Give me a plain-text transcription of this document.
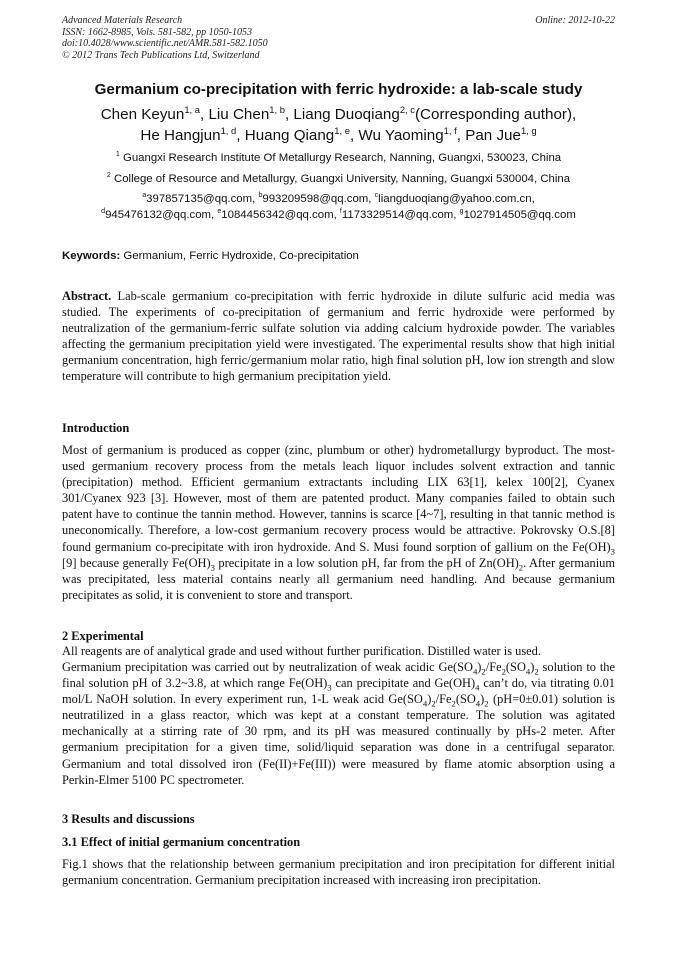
Advanced Materials Research
ISSN: 1662-8985, Vols. 581-582, pp 1050-1053
doi:10.4028/www.scientific.net/AMR.581-582.1050
© 2012 Trans Tech Publications Ltd, Switzerland
Online: 2012-10-22
Germanium co-precipitation with ferric hydroxide: a lab-scale study
Chen Keyun$^{1, a}$, Liu Chen$^{1, b}$, Liang Duoqiang$^{2, c}$(Corresponding author),
He Hangjun$^{1, d}$, Huang Qiang$^{1, e}$, Wu Yaoming$^{1, f}$, Pan Jue$^{1, g}$
$^1$ Guangxi Research Institute Of Metallurgy Research, Nanning, Guangxi, 530023, China
$^2$ College of Resource and Metallurgy, Guangxi University, Nanning, Guangxi 530004, China
$^a$397857135@qq.com, $^b$993209598@qq.com, $^c$liangduoqiang@yahoo.com.cn,
$^d$945476132@qq.com, $^e$1084456342@qq.com, $^f$1173329514@qq.com, $^g$1027914505@qq.com
Keywords: Germanium, Ferric Hydroxide, Co-precipitation
Abstract. Lab-scale germanium co-precipitation with ferric hydroxide in dilute sulfuric acid media was studied. The experiments of co-precipitation of germanium and ferric hydroxide were performed by neutralization of the germanium-ferric sulfate solution via adding calcium hydroxide powder. The variables affecting the germanium precipitation yield were investigated. The experimental results show that high initial germanium concentration, high ferric/germanium molar ratio, high final solution pH, low ion strength and slow temperature will contribute to high germanium precipitation yield.
Introduction
Most of germanium is produced as copper (zinc, plumbum or other) hydrometallurgy byproduct. The most-used germanium recovery process from the metals leach liquor includes solvent extraction and tannic (precipitation) method. Efficient germanium extractants including LIX 63[1], kelex 100[2], Cyanex 301/Cyanex 923 [3]. However, most of them are patented product. Many companies failed to obtain such patent have to continue the tannin method. However, tannins is scarce [4~7], resulting in that tannic method is uneconomically. Therefore, a low-cost germanium recovery process would be attractive. Pokrovsky O.S.[8] found germanium co-precipitate with iron hydroxide. And S. Musi found sorption of gallium on the $Fe(OH)_3$ [9] because generally $Fe(OH)_3$ precipitate in a low solution pH, far from the pH of $Zn(OH)_2$. After germanium was precipitated, less material contains nearly all germanium need handling. And because germanium precipitates as solid, it is convenient to store and transport.
2 Experimental
All reagents are of analytical grade and used without further purification. Distilled water is used.
Germanium precipitation was carried out by neutralization of weak acidic $Ge(SO_4)_2/Fe_2(SO_4)_2$ solution to the final solution pH of 3.2~3.8, at which range $Fe(OH)_3$ can precipitate and $Ge(OH)_4$ can’t do, via titrating 0.01 mol/L NaOH solution. In every experiment run, 1-L weak acid $Ge(SO_4)_2/Fe_2(SO_4)_2$ (pH=0±0.01) solution is neutratilized in a glass reactor, which was kept at a constant temperature. The solution was agitated mechanically at a stirring rate of 30 rpm, and its pH was measured continually by pHs-2 meter. After germanium precipitation for a given time, solid/liquid separation was done in a centrifugal separator. Germanium and total dissolved iron (Fe(II)+Fe(III)) were measured by flame atomic absorption using a Perkin-Elmer 5100 PC spectrometer.
3 Results and discussions
3.1 Effect of initial germanium concentration
Fig.1 shows that the relationship between germanium precipitation and iron precipitation for different initial germanium concentration. Germanium precipitation increased with increasing iron precipitation.
